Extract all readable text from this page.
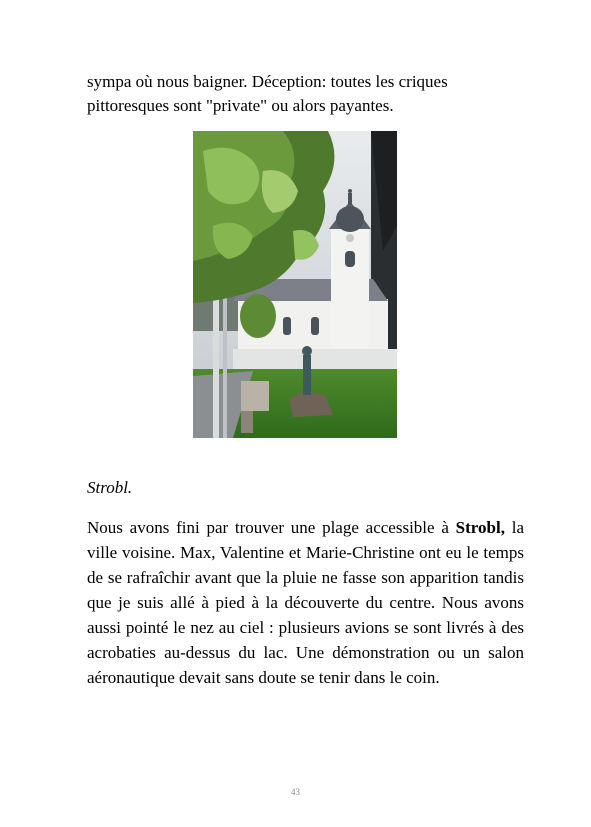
sympa où nous baigner. Déception: toutes les criques

pittoresques sont "private" ou alors payantes.

Strobl.

Nous avons fini par trouver une plage accessible à Strobl, la ville voisine. Max, Valentine et Marie-Christine ont eu le temps de se rafraîchir avant que la pluie ne fasse son apparition tandis que je suis allé à pied à la découverte du centre. Nous avons aussi pointé le nez au ciel : plusieurs avions se sont livrés à des acrobaties au-dessus du lac. Une démonstration ou un salon aéronautique devait sans doute se tenir dans le coin.

43
